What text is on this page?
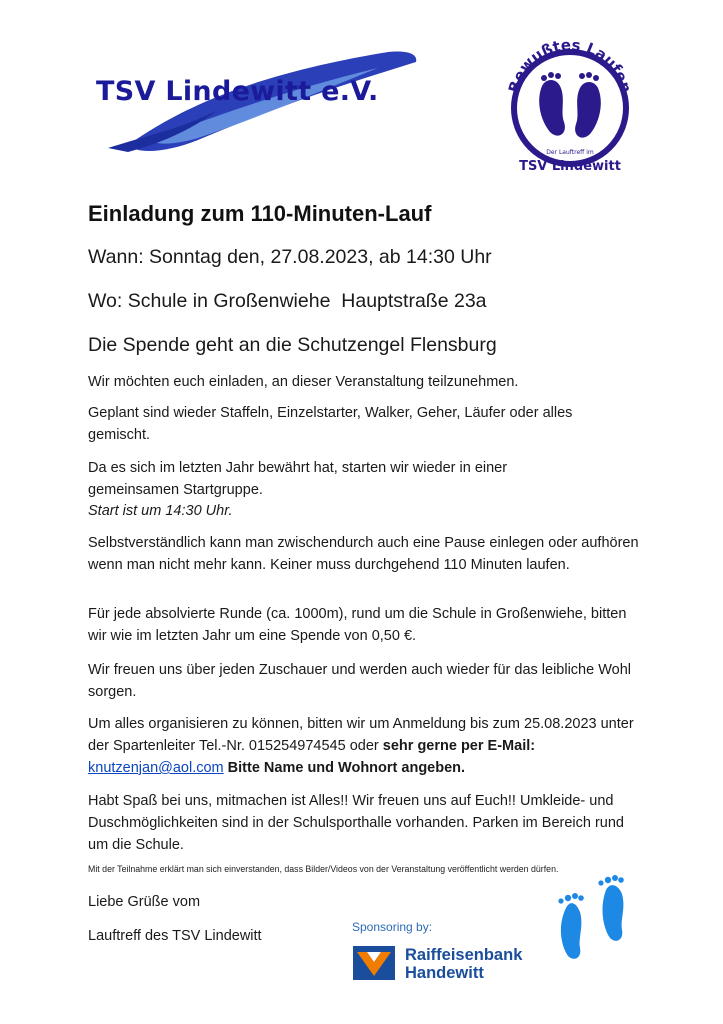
TSV Lindewitt e.V.	Bewußtes Laufen
Der Lauftreff im
TSV Lindewitt
Einladung zum 110-Minuten-Lauf
Wann: Sonntag den, 27.08.2023, ab 14:30 Uhr
Wo: Schule in Großenwiehe  Hauptstraße 23a
Die Spende geht an die Schutzengel Flensburg

Wir möchten euch einladen, an dieser Veranstaltung teilzunehmen.

Geplant sind wieder Staffeln, Einzelstarter, Walker, Geher, Läufer oder alles gemischt.

Da es sich im letzten Jahr bewährt hat, starten wir wieder in einer gemeinsamen Startgruppe.

Start ist um 14:30 Uhr.

Selbstverständlich kann man zwischendurch auch eine Pause einlegen oder aufhören wenn man nicht mehr kann. Keiner muss durchgehend 110 Minuten laufen.

Für jede absolvierte Runde (ca. 1000m), rund um die Schule in Großenwiehe, bitten wir wie im letzten Jahr um eine Spende von 0,50 €.

Wir freuen uns über jeden Zuschauer und werden auch wieder für das leibliche Wohl sorgen.

Um alles organisieren zu können, bitten wir um Anmeldung bis zum 25.08.2023 unter der Spartenleiter Tel.-Nr. 015254974545 oder sehr gerne per E-Mail: knutzenjan@aol.com Bitte Name und Wohnort angeben.

Habt Spaß bei uns, mitmachen ist Alles!! Wir freuen uns auf Euch!! Umkleide- und Duschmöglichkeiten sind in der Schulsporthalle vorhanden. Parken im Bereich rund um die Schule.

Mit der Teilnahme erklärt man sich einverstanden, dass Bilder/Videos von der Veranstaltung veröffentlicht werden dürfen.

Liebe Grüße vom

Lauftreff des TSV Lindewitt

Sponsoring by:
Raiffeisenbank
Handewitt
